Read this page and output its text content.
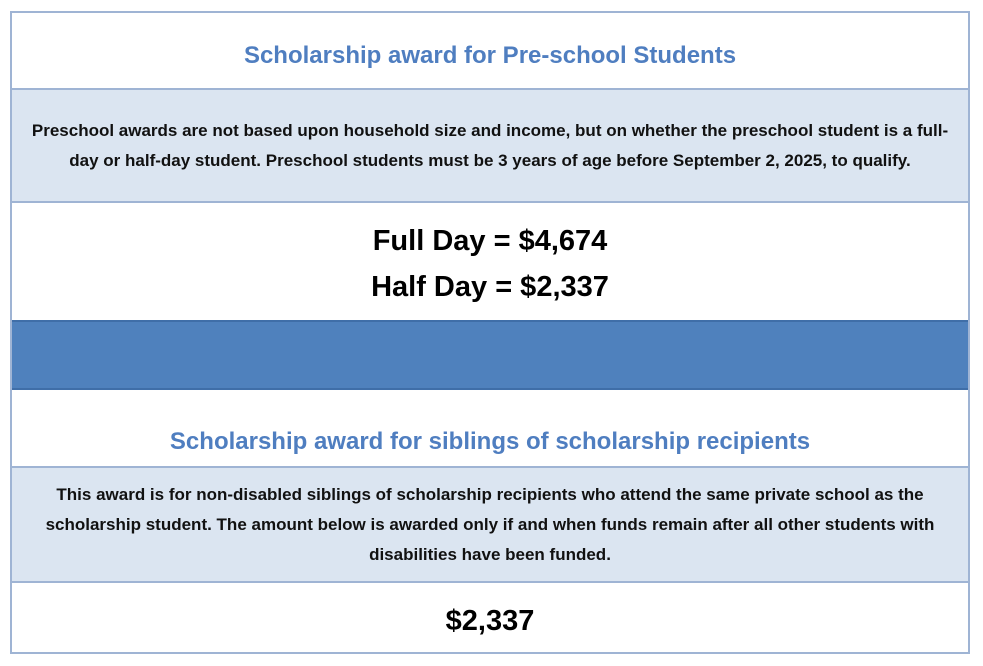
Scholarship award for Pre-school Students
Preschool awards are not based upon household size and income, but on whether the preschool student is a full-day or half-day student. Preschool students must be 3 years of age before September 2, 2025, to qualify.
Full Day = $4,674
Half Day = $2,337
Scholarship award for siblings of scholarship recipients
This award is for non-disabled siblings of scholarship recipients who attend the same private school as the scholarship student. The amount below is awarded only if and when funds remain after all other students with disabilities have been funded.
$2,337
